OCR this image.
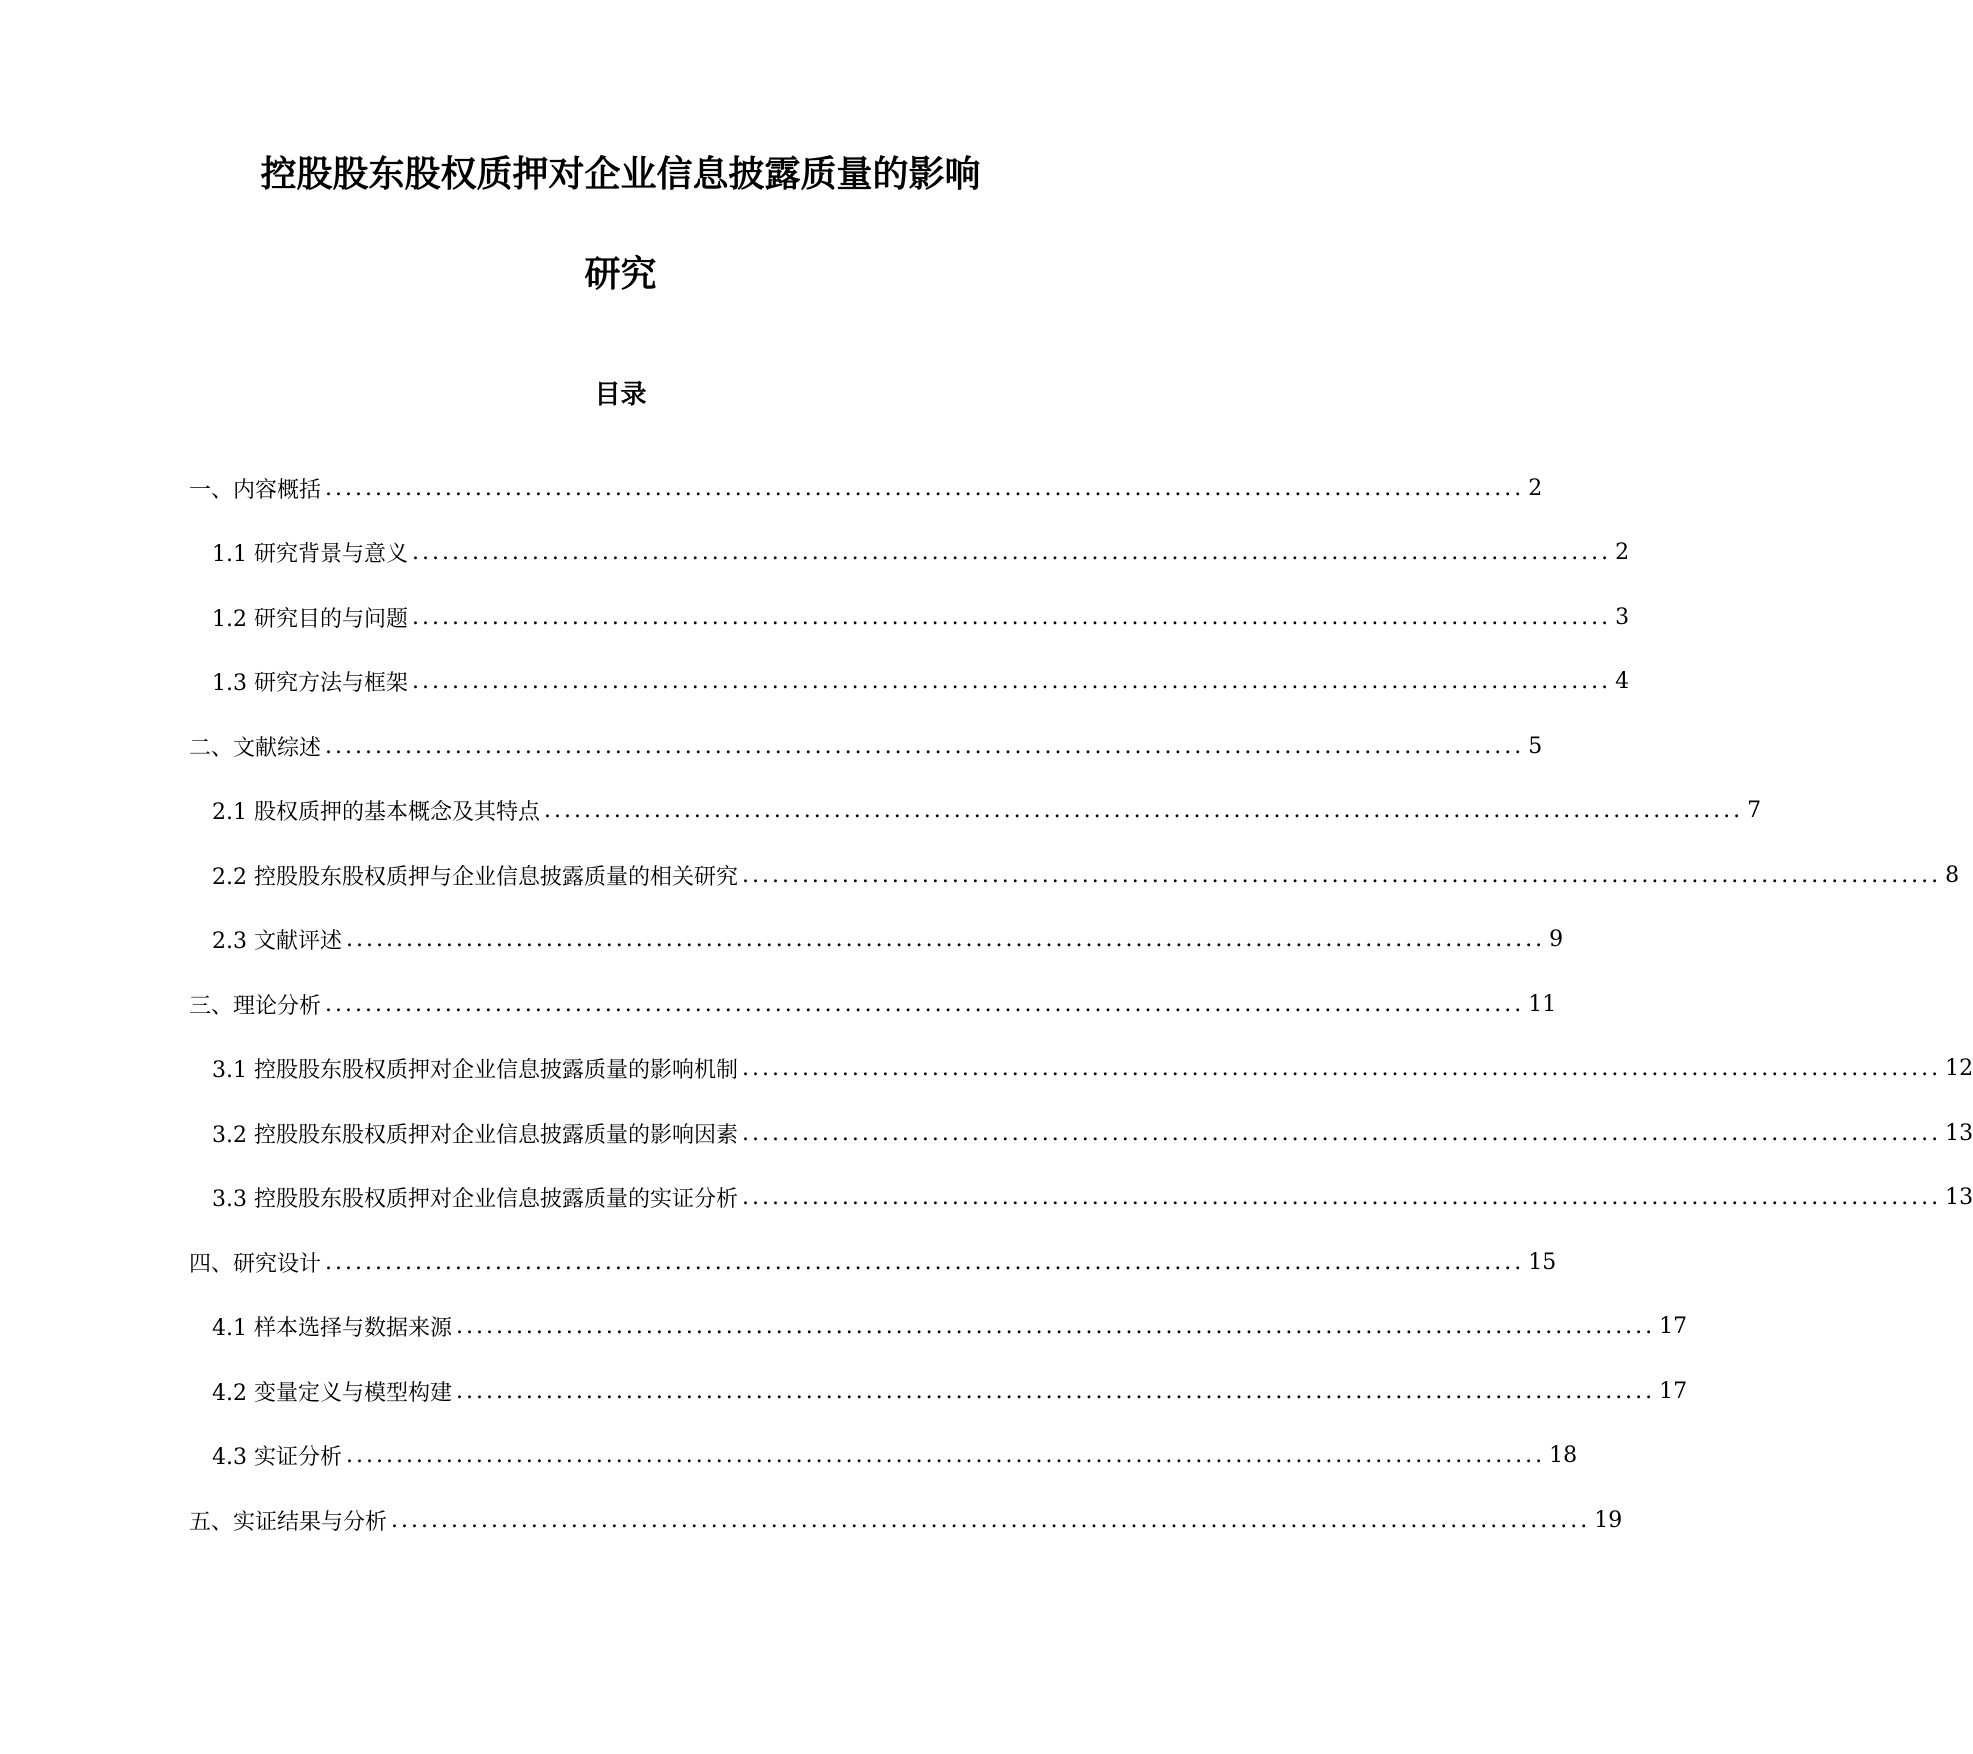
控股股东股权质押对企业信息披露质量的影响
研究
目录
一、内容概括 ........................................................................................................................ 2
1.1 研究背景与意义 ........................................................................................................................ 2
1.2 研究目的与问题 ........................................................................................................................ 3
1.3 研究方法与框架 ........................................................................................................................ 4
二、文献综述 ........................................................................................................................ 5
2.1 股权质押的基本概念及其特点 ........................................................................................................................ 7
2.2 控股股东股权质押与企业信息披露质量的相关研究 ........................................................................................................................ 8
2.3 文献评述 ........................................................................................................................ 9
三、理论分析 ........................................................................................................................ 11
3.1 控股股东股权质押对企业信息披露质量的影响机制 ........................................................................................................................ 12
3.2 控股股东股权质押对企业信息披露质量的影响因素 ........................................................................................................................ 13
3.3 控股股东股权质押对企业信息披露质量的实证分析 ........................................................................................................................ 13
四、研究设计 ........................................................................................................................ 15
4.1 样本选择与数据来源 ........................................................................................................................ 17
4.2 变量定义与模型构建 ........................................................................................................................ 17
4.3 实证分析 ........................................................................................................................ 18
五、实证结果与分析 ........................................................................................................................ 19
